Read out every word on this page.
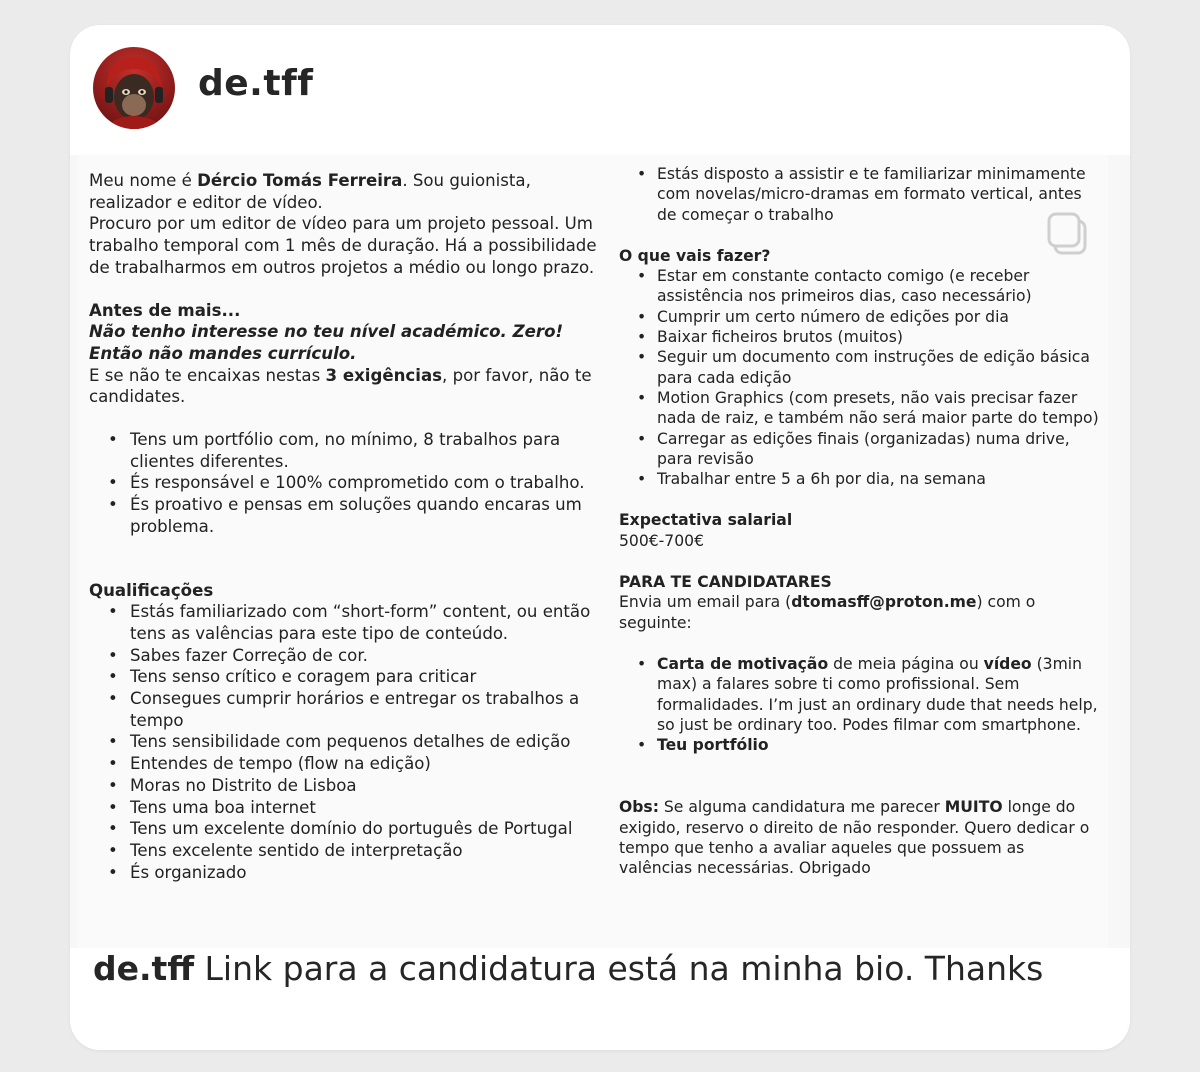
de.tff

Meu nome é Dércio Tomás Ferreira. Sou guionista, realizador e editor de vídeo.

Procuro por um editor de vídeo para um projeto pessoal. Um trabalho temporal com 1 mês de duração. Há a possibilidade de trabalharmos em outros projetos a médio ou longo prazo.

Antes de mais...

Não tenho interesse no teu nível académico. Zero! Então não mandes currículo.

E se não te encaixas nestas 3 exigências, por favor, não te candidates.

• Tens um portfólio com, no mínimo, 8 trabalhos para clientes diferentes.
• És responsável e 100% comprometido com o trabalho.
• És proativo e pensas em soluções quando encaras um problema.

Qualificações

• Estás familiarizado com “short-form” content, ou então tens as valências para este tipo de conteúdo.
• Sabes fazer Correção de cor.
• Tens senso crítico e coragem para criticar
• Consegues cumprir horários e entregar os trabalhos a tempo
• Tens sensibilidade com pequenos detalhes de edição
• Entendes de tempo (flow na edição)
• Moras no Distrito de Lisboa
• Tens uma boa internet
• Tens um excelente domínio do português de Portugal
• Tens excelente sentido de interpretação
• És organizado
• Estás disposto a assistir e te familiarizar minimamente com novelas/micro-dramas em formato vertical, antes de começar o trabalho

O que vais fazer?

• Estar em constante contacto comigo (e receber assistência nos primeiros dias, caso necessário)
• Cumprir um certo número de edições por dia
• Baixar ficheiros brutos (muitos)
• Seguir um documento com instruções de edição básica para cada edição
• Motion Graphics (com presets, não vais precisar fazer nada de raiz, e também não será maior parte do tempo)
• Carregar as edições finais (organizadas) numa drive, para revisão
• Trabalhar entre 5 a 6h por dia, na semana

Expectativa salarial

500€-700€

PARA TE CANDIDATARES

Envia um email para (dtomasff@proton.me) com o seguinte:

• Carta de motivação de meia página ou vídeo (3min max) a falares sobre ti como profissional. Sem formalidades. I’m just an ordinary dude that needs help, so just be ordinary too. Podes filmar com smartphone.
• Teu portfólio

Obs: Se alguma candidatura me parecer MUITO longe do exigido, reservo o direito de não responder. Quero dedicar o tempo que tenho a avaliar aqueles que possuem as valências necessárias. Obrigado

de.tff Link para a candidatura está na minha bio. Thanks
